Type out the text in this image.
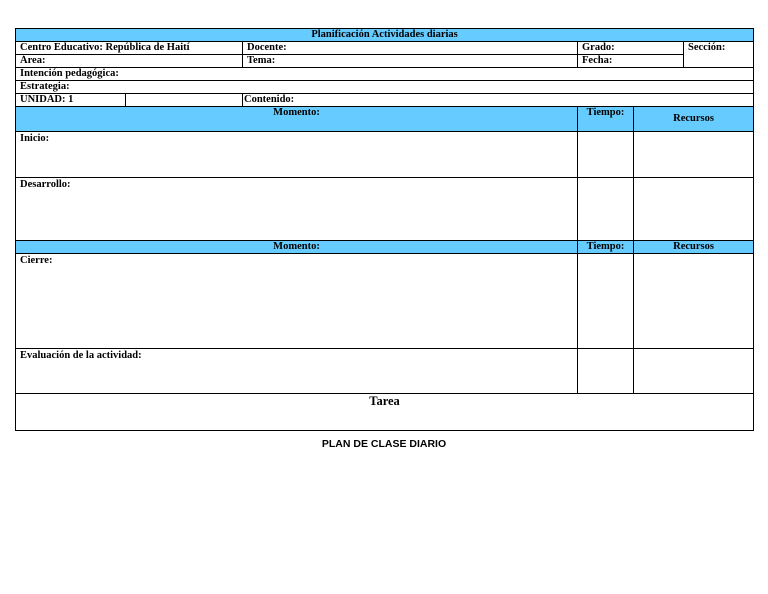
Planificación Actividades diarias					
Centro Educativo: República de Haití		Docente:	Grado:		Sección:
Área:		Tema:	Fecha:		
Intención pedagógica:					
Estrategia:					
UNIDAD: 1		Contenido:			
Momento:			Tiempo:	Recursos	
Inicio:					
Desarrollo:					
Momento:			Tiempo:	Recursos	
Cierre:					
Evaluación de la actividad:					
Tarea					
PLAN DE CLASE DIARIO
